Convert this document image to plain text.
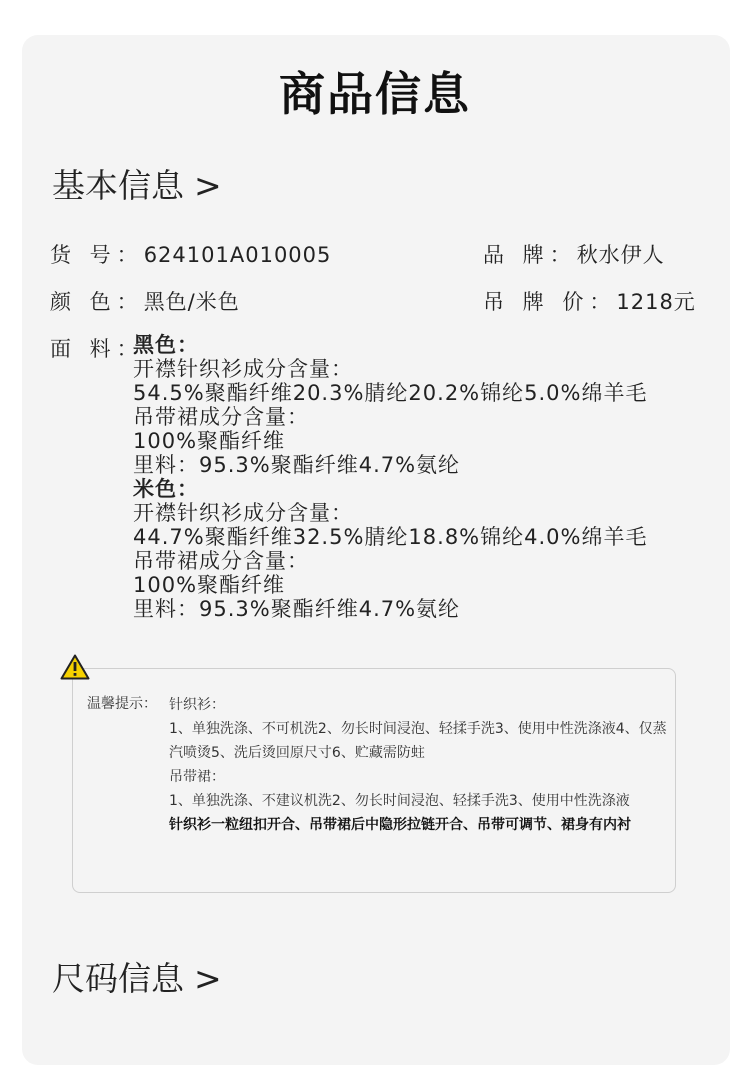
商品信息
基本信息 >
货 号：624101A010005	品 牌：秋水伊人
颜 色：黑色/米色	吊 牌 价：1218元
面 料：
黑色：
开襟针织衫成分含量：
54.5%聚酯纤维20.3%腈纶20.2%锦纶5.0%绵羊毛
吊带裙成分含量：
100%聚酯纤维
里料：95.3%聚酯纤维4.7%氨纶
米色：
开襟针织衫成分含量：
44.7%聚酯纤维32.5%腈纶18.8%锦纶4.0%绵羊毛
吊带裙成分含量：
100%聚酯纤维
里料：95.3%聚酯纤维4.7%氨纶
温馨提示： 针织衫：
1、单独洗涤、不可机洗2、勿长时间浸泡、轻揉手洗3、使用中性洗涤液4、仅蒸汽喷烫5、洗后烫回原尺寸6、贮藏需防蛀
吊带裙：
1、单独洗涤、不建议机洗2、勿长时间浸泡、轻揉手洗3、使用中性洗涤液
针织衫一粒纽扣开合、吊带裙后中隐形拉链开合、吊带可调节、裙身有内衬
尺码信息 >
